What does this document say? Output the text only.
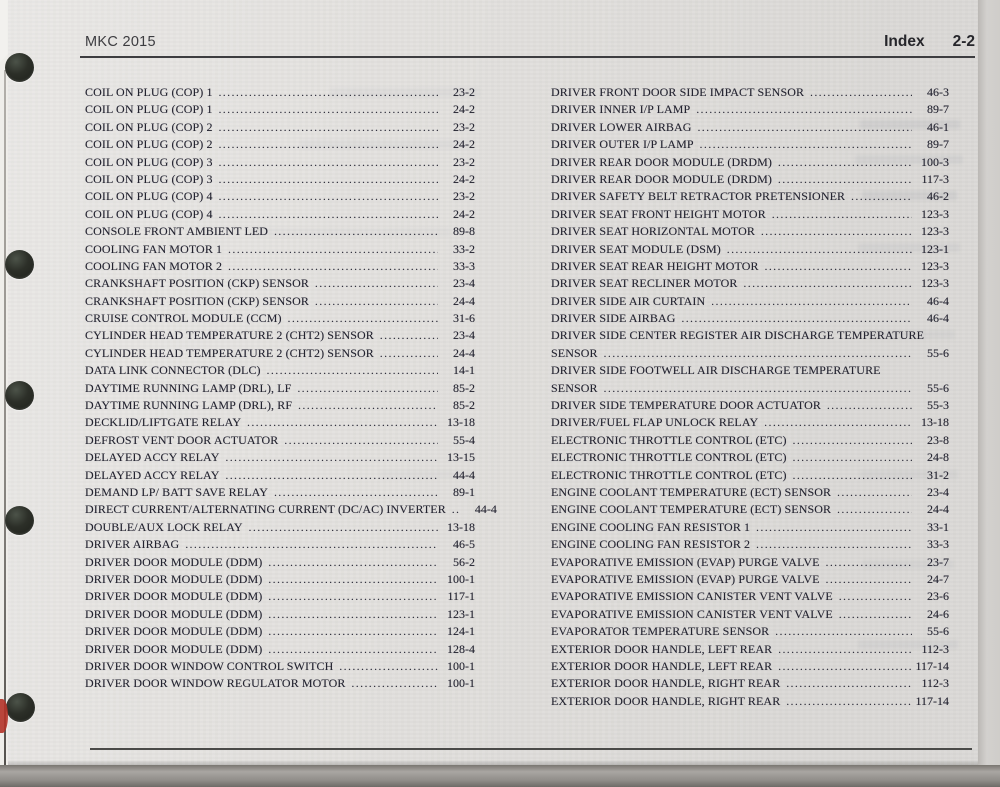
MKC 2015	Index 2-2
COIL ON PLUG (COP) 1 .....	23-2
COIL ON PLUG (COP) 1 .....	24-2
COIL ON PLUG (COP) 2 .....	23-2
COIL ON PLUG (COP) 2 .....	24-2
COIL ON PLUG (COP) 3 .....	23-2
COIL ON PLUG (COP) 3 .....	24-2
COIL ON PLUG (COP) 4 .....	23-2
COIL ON PLUG (COP) 4 .....	24-2
CONSOLE FRONT AMBIENT LED .....	89-8
COOLING FAN MOTOR 1 .....	33-2
COOLING FAN MOTOR 2 .....	33-3
CRANKSHAFT POSITION (CKP) SENSOR .....	23-4
CRANKSHAFT POSITION (CKP) SENSOR .....	24-4
CRUISE CONTROL MODULE (CCM) .....	31-6
CYLINDER HEAD TEMPERATURE 2 (CHT2) SENSOR .....	23-4
CYLINDER HEAD TEMPERATURE 2 (CHT2) SENSOR .....	24-4
DATA LINK CONNECTOR (DLC) .....	14-1
DAYTIME RUNNING LAMP (DRL), LF .....	85-2
DAYTIME RUNNING LAMP (DRL), RF .....	85-2
DECKLID/LIFTGATE RELAY .....	13-18
DEFROST VENT DOOR ACTUATOR .....	55-4
DELAYED ACCY RELAY .....	13-15
DELAYED ACCY RELAY .....	44-4
DEMAND LP/ BATT SAVE RELAY .....	89-1
DIRECT CURRENT/ALTERNATING CURRENT (DC/AC) INVERTER .....	44-4
DOUBLE/AUX LOCK RELAY .....	13-18
DRIVER AIRBAG .....	46-5
DRIVER DOOR MODULE (DDM) .....	56-2
DRIVER DOOR MODULE (DDM) .....	100-1
DRIVER DOOR MODULE (DDM) .....	117-1
DRIVER DOOR MODULE (DDM) .....	123-1
DRIVER DOOR MODULE (DDM) .....	124-1
DRIVER DOOR MODULE (DDM) .....	128-4
DRIVER DOOR WINDOW CONTROL SWITCH .....	100-1
DRIVER DOOR WINDOW REGULATOR MOTOR .....	100-1
DRIVER FRONT DOOR SIDE IMPACT SENSOR .....	46-3
DRIVER INNER I/P LAMP .....	89-7
DRIVER LOWER AIRBAG .....	46-1
DRIVER OUTER I/P LAMP .....	89-7
DRIVER REAR DOOR MODULE (DRDM) .....	100-3
DRIVER REAR DOOR MODULE (DRDM) .....	117-3
DRIVER SAFETY BELT RETRACTOR PRETENSIONER .....	46-2
DRIVER SEAT FRONT HEIGHT MOTOR .....	123-3
DRIVER SEAT HORIZONTAL MOTOR .....	123-3
DRIVER SEAT MODULE (DSM) .....	123-1
DRIVER SEAT REAR HEIGHT MOTOR .....	123-3
DRIVER SEAT RECLINER MOTOR .....	123-3
DRIVER SIDE AIR CURTAIN .....	46-4
DRIVER SIDE AIRBAG .....	46-4
DRIVER SIDE CENTER REGISTER AIR DISCHARGE TEMPERATURE
SENSOR .....	55-6
DRIVER SIDE FOOTWELL AIR DISCHARGE TEMPERATURE
SENSOR .....	55-6
DRIVER SIDE TEMPERATURE DOOR ACTUATOR .....	55-3
DRIVER/FUEL FLAP UNLOCK RELAY .....	13-18
ELECTRONIC THROTTLE CONTROL (ETC) .....	23-8
ELECTRONIC THROTTLE CONTROL (ETC) .....	24-8
ELECTRONIC THROTTLE CONTROL (ETC) .....	31-2
ENGINE COOLANT TEMPERATURE (ECT) SENSOR .....	23-4
ENGINE COOLANT TEMPERATURE (ECT) SENSOR .....	24-4
ENGINE COOLING FAN RESISTOR 1 .....	33-1
ENGINE COOLING FAN RESISTOR 2 .....	33-3
EVAPORATIVE EMISSION (EVAP) PURGE VALVE .....	23-7
EVAPORATIVE EMISSION (EVAP) PURGE VALVE .....	24-7
EVAPORATIVE EMISSION CANISTER VENT VALVE .....	23-6
EVAPORATIVE EMISSION CANISTER VENT VALVE .....	24-6
EVAPORATOR TEMPERATURE SENSOR .....	55-6
EXTERIOR DOOR HANDLE, LEFT REAR .....	112-3
EXTERIOR DOOR HANDLE, LEFT REAR .....	117-14
EXTERIOR DOOR HANDLE, RIGHT REAR .....	112-3
EXTERIOR DOOR HANDLE, RIGHT REAR .....	117-14
